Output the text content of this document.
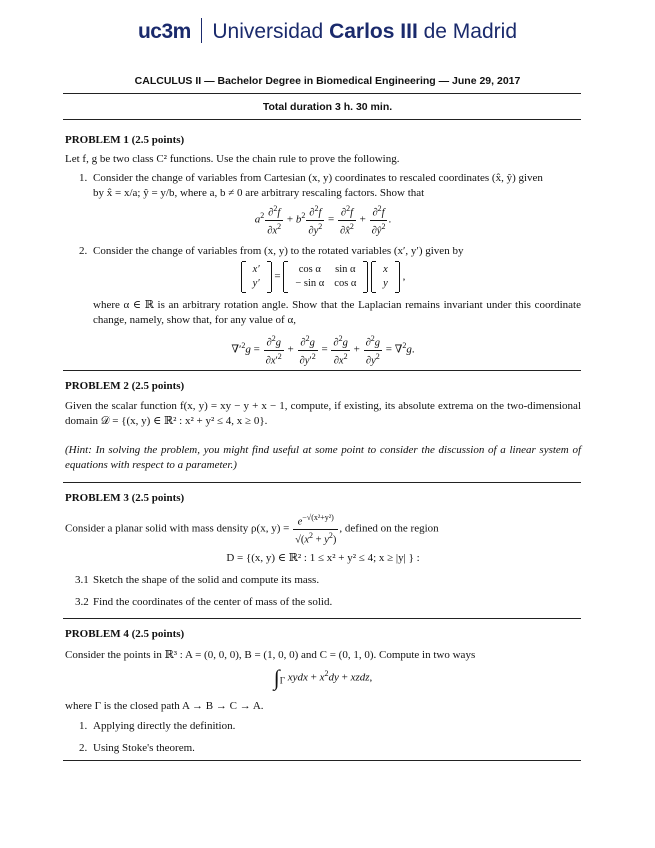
uc3m Universidad Carlos III de Madrid
CALCULUS II — Bachelor Degree in Biomedical Engineering — June 29, 2017
Total duration 3 h. 30 min.
PROBLEM 1 (2.5 points)
Let f, g be two class C² functions. Use the chain rule to prove the following.
1. Consider the change of variables from Cartesian (x, y) coordinates to rescaled coordinates (x̂, ŷ) given
by x̂ = x/a; ŷ = y/b, where a, b ≠ 0 are arbitrary rescaling factors. Show that
$a^2 \frac{\partial^2f}{\partial x^2} + b^2 \frac{\partial^2f}{\partial y^2} = \frac{\partial^2f}{\partial x̂^2} + \frac{\partial^2f}{\partial ŷ^2}$ .
2. Consider the change of variables from (x, y) to the rotated variables (x′, y′) given by
x′
y′
=
cos α	sin α
− sin α	cos α

x
y
,
where α ∈ ℝ is an arbitrary rotation angle. Show that the Laplacian remains invariant under this coordinate change, namely, show that, for any value of α,
$\nabla'^2g = \frac{\partial^2g}{\partial x'^2} + \frac{\partial^2g}{\partial y'^2} = \frac{\partial^2g}{\partial x^2} + \frac{\partial^2g}{\partial y^2} = \nabla^2g$.
PROBLEM 2 (2.5 points)
Given the scalar function f(x, y) = xy − y + x − 1, compute, if existing, its absolute extrema on the two-dimensional domain 𝒟 = {(x, y) ∈ ℝ² : x² + y² ≤ 4, x ≥ 0}.
(Hint: In solving the problem, you might find useful at some point to consider the discussion of a linear system of equations with respect to a parameter.)
PROBLEM 3 (2.5 points)
Consider a planar solid with mass density ρ(x, $y) = \frac{e^{-√(x^2+y^2)}}{√(x^2 + y^2)}$ , defined on the region
D = {(x, y) ∈ ℝ² : 1 ≤ x² + y² ≤ 4; x ≥ |y| } :
3.1 Sketch the shape of the solid and compute its mass.
3.2 Find the coordinates of the center of mass of the solid.
PROBLEM 4 (2.5 points)
Consider the points in ℝ³ : A = (0, 0, 0), B = (1, 0, 0) and C = (0, 1, 0). Compute in two ways
$\int_\Gamma$ xydx + $x^2dy$ + xzdz,
where Γ is the closed path A → B → C → A.
1. Applying directly the definition.
2. Using Stoke's theorem.
